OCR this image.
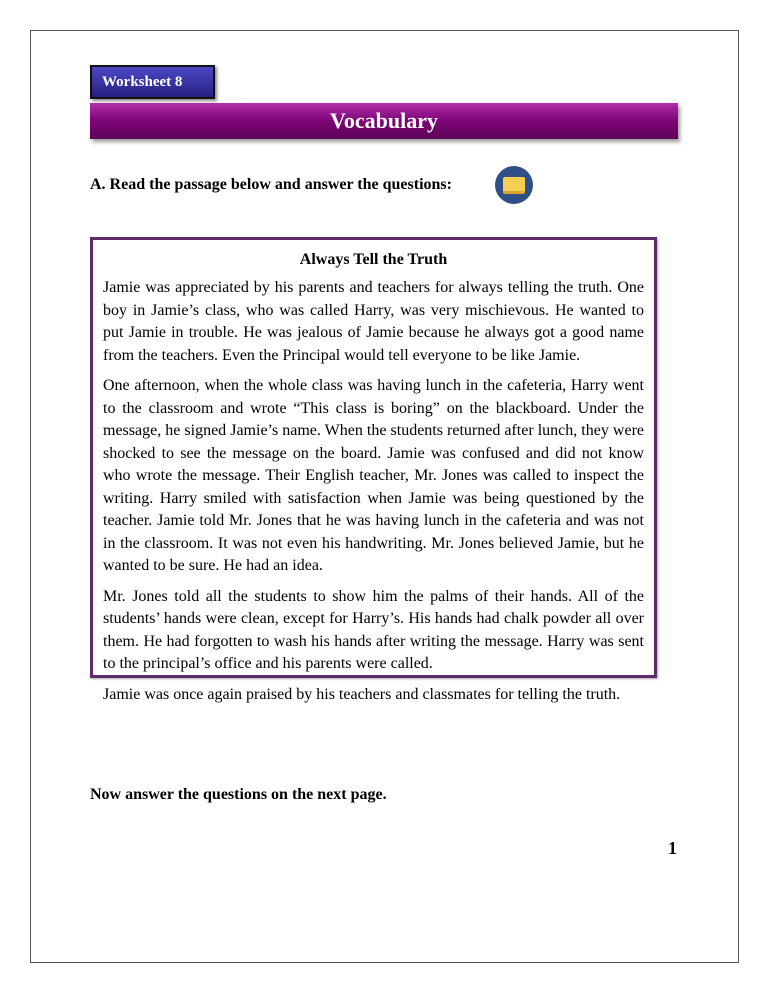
Worksheet 8
Vocabulary
A. Read the passage below and answer the questions:
Always Tell the Truth

Jamie was appreciated by his parents and teachers for always telling the truth. One boy in Jamie’s class, who was called Harry, was very mischievous. He wanted to put Jamie in trouble. He was jealous of Jamie because he always got a good name from the teachers. Even the Principal would tell everyone to be like Jamie.

One afternoon, when the whole class was having lunch in the cafeteria, Harry went to the classroom and wrote “This class is boring” on the blackboard. Under the message, he signed Jamie’s name. When the students returned after lunch, they were shocked to see the message on the board. Jamie was confused and did not know who wrote the message. Their English teacher, Mr. Jones was called to inspect the writing. Harry smiled with satisfaction when Jamie was being questioned by the teacher. Jamie told Mr. Jones that he was having lunch in the cafeteria and was not in the classroom. It was not even his handwriting. Mr. Jones believed Jamie, but he wanted to be sure. He had an idea.

Mr. Jones told all the students to show him the palms of their hands. All of the students’ hands were clean, except for Harry’s. His hands had chalk powder all over them. He had forgotten to wash his hands after writing the message. Harry was sent to the principal’s office and his parents were called.

Jamie was once again praised by his teachers and classmates for telling the truth.

Now answer the questions on the next page.
1
